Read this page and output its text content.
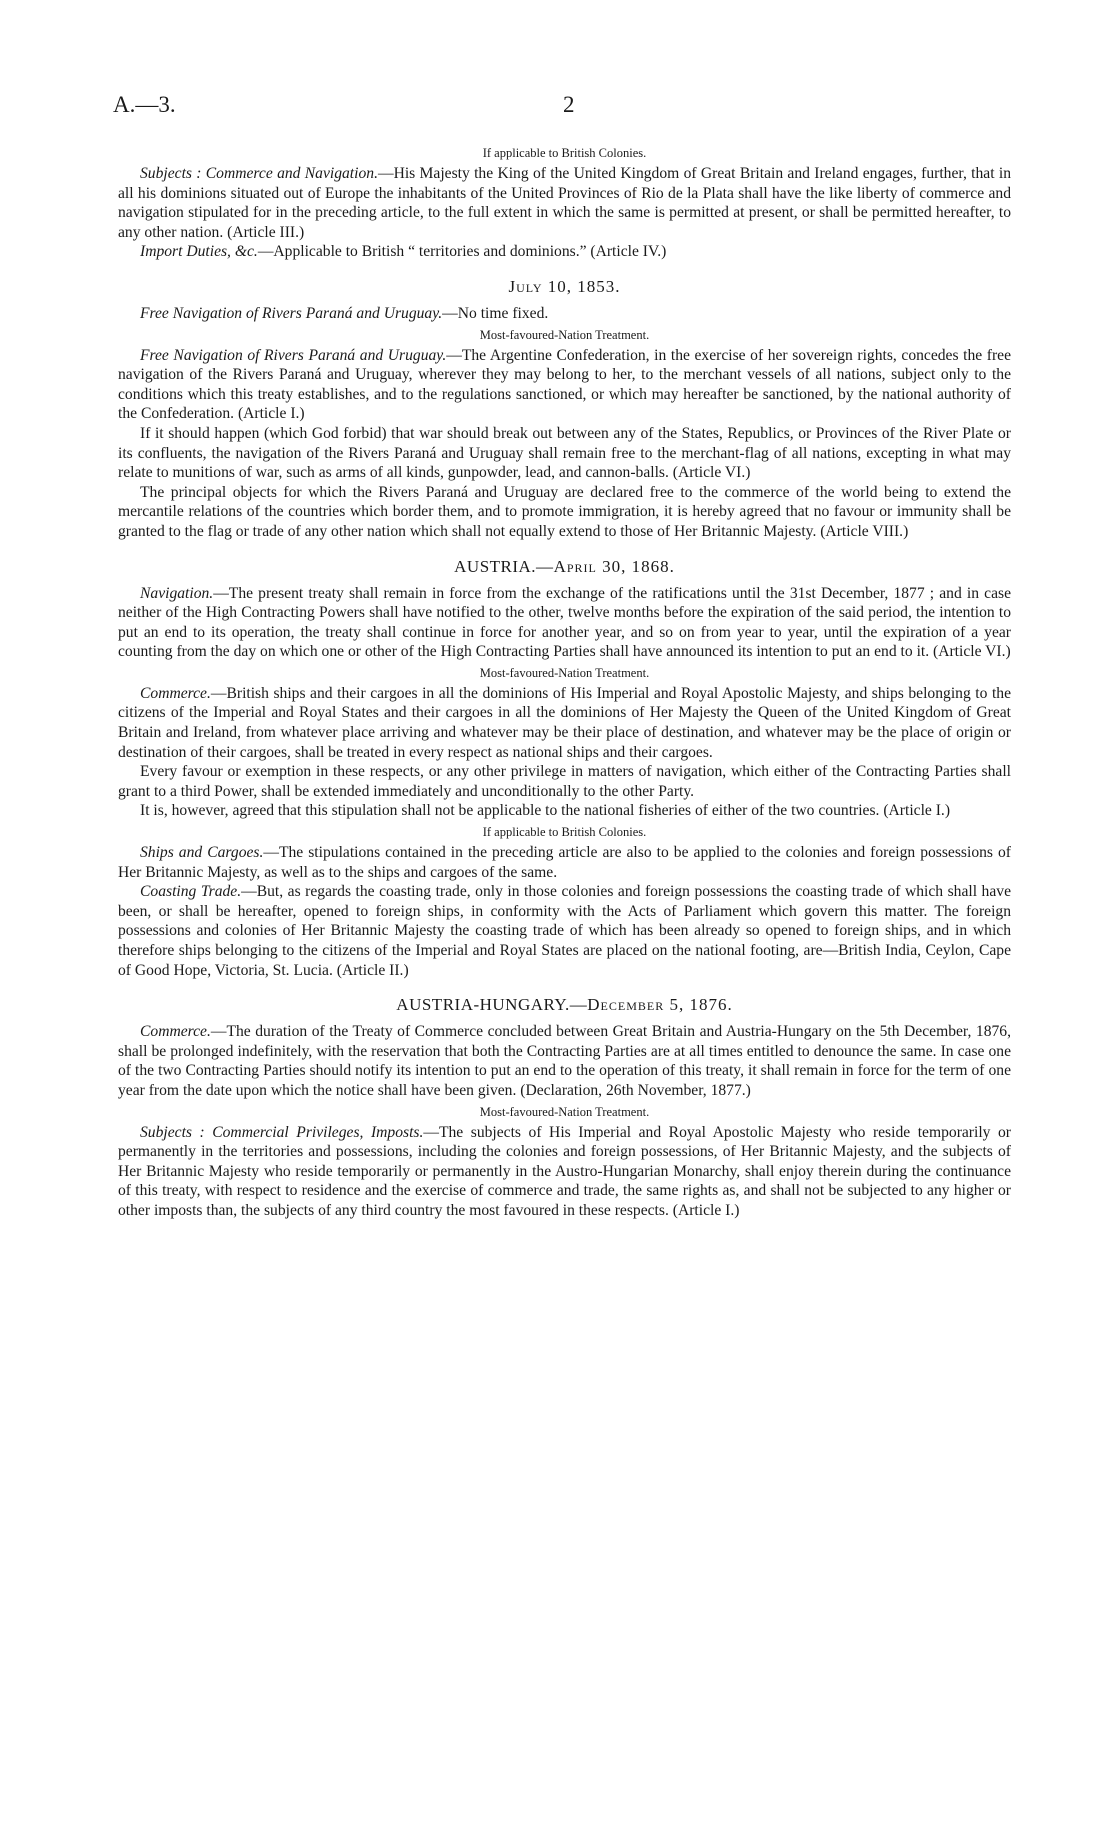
A.—3.	2
If applicable to British Colonies.

Subjects : Commerce and Navigation.—His Majesty the King of the United Kingdom of Great Britain and Ireland engages, further, that in all his dominions situated out of Europe the inhabitants of the United Provinces of Rio de la Plata shall have the like liberty of commerce and navigation stipulated for in the preceding article, to the full extent in which the same is permitted at present, or shall be permitted hereafter, to any other nation. (Article III.)

Import Duties, &c.—Applicable to British “ territories and dominions.” (Article IV.)

July 10, 1853.

Free Navigation of Rivers Paraná and Uruguay.—No time fixed.

Most-favoured-Nation Treatment.

Free Navigation of Rivers Paraná and Uruguay.—The Argentine Confederation, in the exercise of her sovereign rights, concedes the free navigation of the Rivers Paraná and Uruguay, wherever they may belong to her, to the merchant vessels of all nations, subject only to the conditions which this treaty establishes, and to the regulations sanctioned, or which may hereafter be sanctioned, by the national authority of the Confederation. (Article I.)

If it should happen (which God forbid) that war should break out between any of the States, Republics, or Provinces of the River Plate or its confluents, the navigation of the Rivers Paraná and Uruguay shall remain free to the merchant-flag of all nations, excepting in what may relate to munitions of war, such as arms of all kinds, gunpowder, lead, and cannon-balls. (Article VI.)

The principal objects for which the Rivers Paraná and Uruguay are declared free to the commerce of the world being to extend the mercantile relations of the countries which border them, and to promote immigration, it is hereby agreed that no favour or immunity shall be granted to the flag or trade of any other nation which shall not equally extend to those of Her Britannic Majesty. (Article VIII.)

AUSTRIA.—April 30, 1868.

Navigation.—The present treaty shall remain in force from the exchange of the ratifications until the 31st December, 1877 ; and in case neither of the High Contracting Powers shall have notified to the other, twelve months before the expiration of the said period, the intention to put an end to its operation, the treaty shall continue in force for another year, and so on from year to year, until the expiration of a year counting from the day on which one or other of the High Contracting Parties shall have announced its intention to put an end to it. (Article VI.)

Most-favoured-Nation Treatment.

Commerce.—British ships and their cargoes in all the dominions of His Imperial and Royal Apostolic Majesty, and ships belonging to the citizens of the Imperial and Royal States and their cargoes in all the dominions of Her Majesty the Queen of the United Kingdom of Great Britain and Ireland, from whatever place arriving and whatever may be their place of destination, and whatever may be the place of origin or destination of their cargoes, shall be treated in every respect as national ships and their cargoes.

Every favour or exemption in these respects, or any other privilege in matters of navigation, which either of the Contracting Parties shall grant to a third Power, shall be extended immediately and unconditionally to the other Party.

It is, however, agreed that this stipulation shall not be applicable to the national fisheries of either of the two countries. (Article I.)

If applicable to British Colonies.

Ships and Cargoes.—The stipulations contained in the preceding article are also to be applied to the colonies and foreign possessions of Her Britannic Majesty, as well as to the ships and cargoes of the same.

Coasting Trade.—But, as regards the coasting trade, only in those colonies and foreign possessions the coasting trade of which shall have been, or shall be hereafter, opened to foreign ships, in conformity with the Acts of Parliament which govern this matter. The foreign possessions and colonies of Her Britannic Majesty the coasting trade of which has been already so opened to foreign ships, and in which therefore ships belonging to the citizens of the Imperial and Royal States are placed on the national footing, are—British India, Ceylon, Cape of Good Hope, Victoria, St. Lucia. (Article II.)

AUSTRIA-HUNGARY.—December 5, 1876.

Commerce.—The duration of the Treaty of Commerce concluded between Great Britain and Austria-Hungary on the 5th December, 1876, shall be prolonged indefinitely, with the reservation that both the Contracting Parties are at all times entitled to denounce the same. In case one of the two Contracting Parties should notify its intention to put an end to the operation of this treaty, it shall remain in force for the term of one year from the date upon which the notice shall have been given. (Declaration, 26th November, 1877.)

Most-favoured-Nation Treatment.

Subjects : Commercial Privileges, Imposts.—The subjects of His Imperial and Royal Apostolic Majesty who reside temporarily or permanently in the territories and possessions, including the colonies and foreign possessions, of Her Britannic Majesty, and the subjects of Her Britannic Majesty who reside temporarily or permanently in the Austro-Hungarian Monarchy, shall enjoy therein during the continuance of this treaty, with respect to residence and the exercise of commerce and trade, the same rights as, and shall not be subjected to any higher or other imposts than, the subjects of any third country the most favoured in these respects. (Article I.)
